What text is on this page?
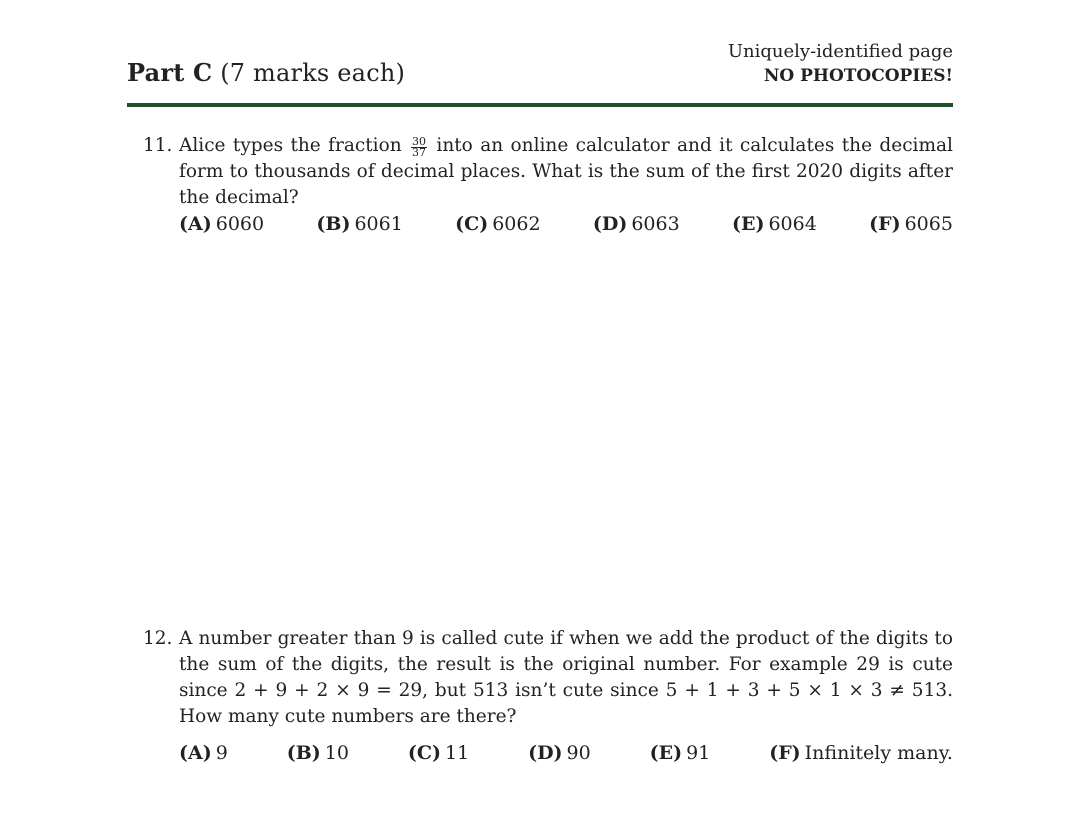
Part C (7 marks each)
Uniquely-identified page
NO PHOTOCOPIES!
11. Alice types the fraction $\frac{30}{37}$ into an online calculator and it calculates the decimal form to thousands of decimal places. What is the sum of the first 2020 digits after the decimal?
(A) 6060	(B) 6061	(C) 6062	(D) 6063	(E) 6064	(F) 6065
12. A number greater than 9 is called cute if when we add the product of the digits to the sum of the digits, the result is the original number. For example 29 is cute since 2 + 9 + 2 × 9 = 29, but 513 isn’t cute since 5 + 1 + 3 + 5 × 1 × 3 ≠ 513. How many cute numbers are there?
(A) 9	(B) 10	(C) 11	(D) 90	(E) 91	(F) Infinitely many.
